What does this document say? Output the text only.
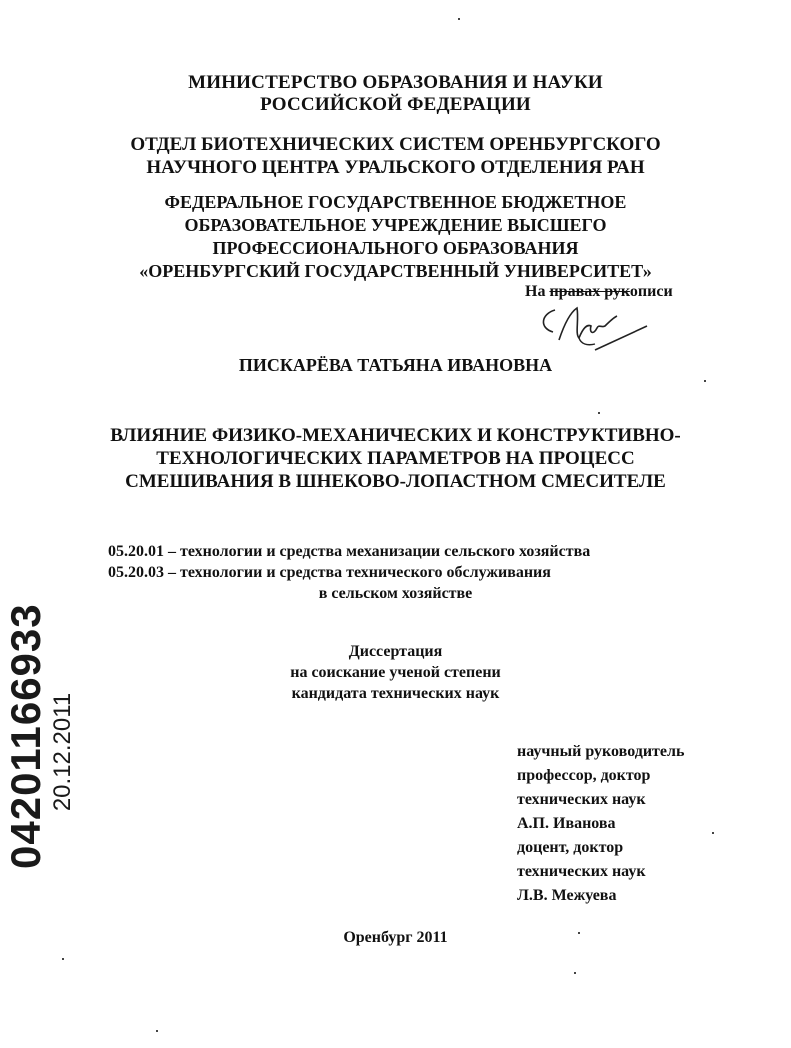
МИНИСТЕРСТВО ОБРАЗОВАНИЯ И НАУКИ
РОССИЙСКОЙ ФЕДЕРАЦИИ
ОТДЕЛ БИОТЕХНИЧЕСКИХ СИСТЕМ ОРЕНБУРГСКОГО
НАУЧНОГО ЦЕНТРА УРАЛЬСКОГО ОТДЕЛЕНИЯ РАН
ФЕДЕРАЛЬНОЕ ГОСУДАРСТВЕННОЕ БЮДЖЕТНОЕ
ОБРАЗОВАТЕЛЬНОЕ УЧРЕЖДЕНИЕ ВЫСШЕГО
ПРОФЕССИОНАЛЬНОГО ОБРАЗОВАНИЯ
«ОРЕНБУРГСКИЙ ГОСУДАРСТВЕННЫЙ УНИВЕРСИТЕТ»
На правах рукописи
ПИСКАРЁВА ТАТЬЯНА ИВАНОВНА
ВЛИЯНИЕ ФИЗИКО-МЕХАНИЧЕСКИХ И КОНСТРУКТИВНО-
ТЕХНОЛОГИЧЕСКИХ ПАРАМЕТРОВ НА ПРОЦЕСС
СМЕШИВАНИЯ В ШНЕКОВО-ЛОПАСТНОМ СМЕСИТЕЛЕ
05.20.01 – технологии и средства механизации сельского хозяйства
05.20.03 – технологии и средства технического обслуживания
в сельском хозяйстве
Диссертация
на соискание ученой степени
кандидата технических наук
научный руководитель
профессор, доктор
технических наук
А.П. Иванова
доцент, доктор
технических наук
Л.В. Межуева
Оренбург 2011
04201166933 20.12.2011
